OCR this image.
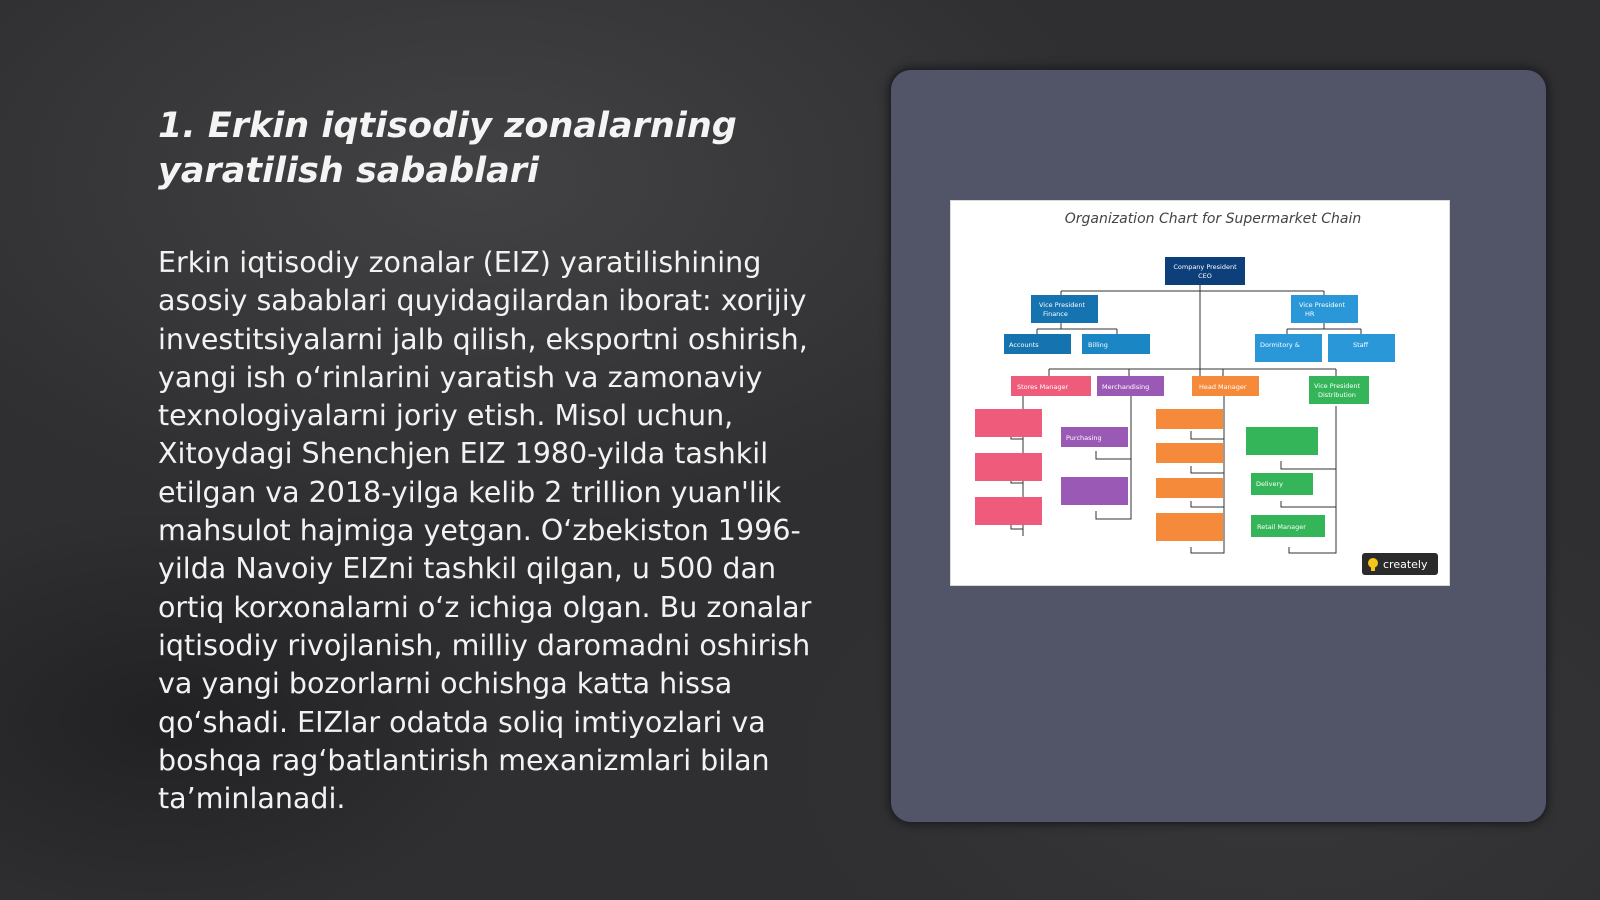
1. Erkin iqtisodiy zonalarning yaratilish sabablari

Erkin iqtisodiy zonalar (EIZ) yaratilishining asosiy sabablari quyidagilardan iborat: xorijiy investitsiyalarni jalb qilish, eksportni oshirish, yangi ish o‘rinlarini yaratish va zamonaviy texnologiyalarni joriy etish. Misol uchun, Xitoydagi Shenchjen EIZ 1980-yilda tashkil etilgan va 2018-yilga kelib 2 trillion yuan'lik mahsulot hajmiga yetgan. O‘zbekiston 1996-yilda Navoiy EIZni tashkil qilgan, u 500 dan ortiq korxonalarni o‘z ichiga olgan. Bu zonalar iqtisodiy rivojlanish, milliy daromadni oshirish va yangi bozorlarni ochishga katta hissa qo‘shadi. EIZlar odatda soliq imtiyozlari va boshqa rag‘batlantirish mexanizmlari bilan ta’minlanadi.

Organization Chart for Supermarket Chain
Company President
CEO
Vice President
Finance
Vice President
HR
Accounts	Billing	Dormitory &	Staff
Stores Manager	Merchandising	Head Manager	Vice President
Distribution
Purchasing
Delivery
Retail Manager
creately
